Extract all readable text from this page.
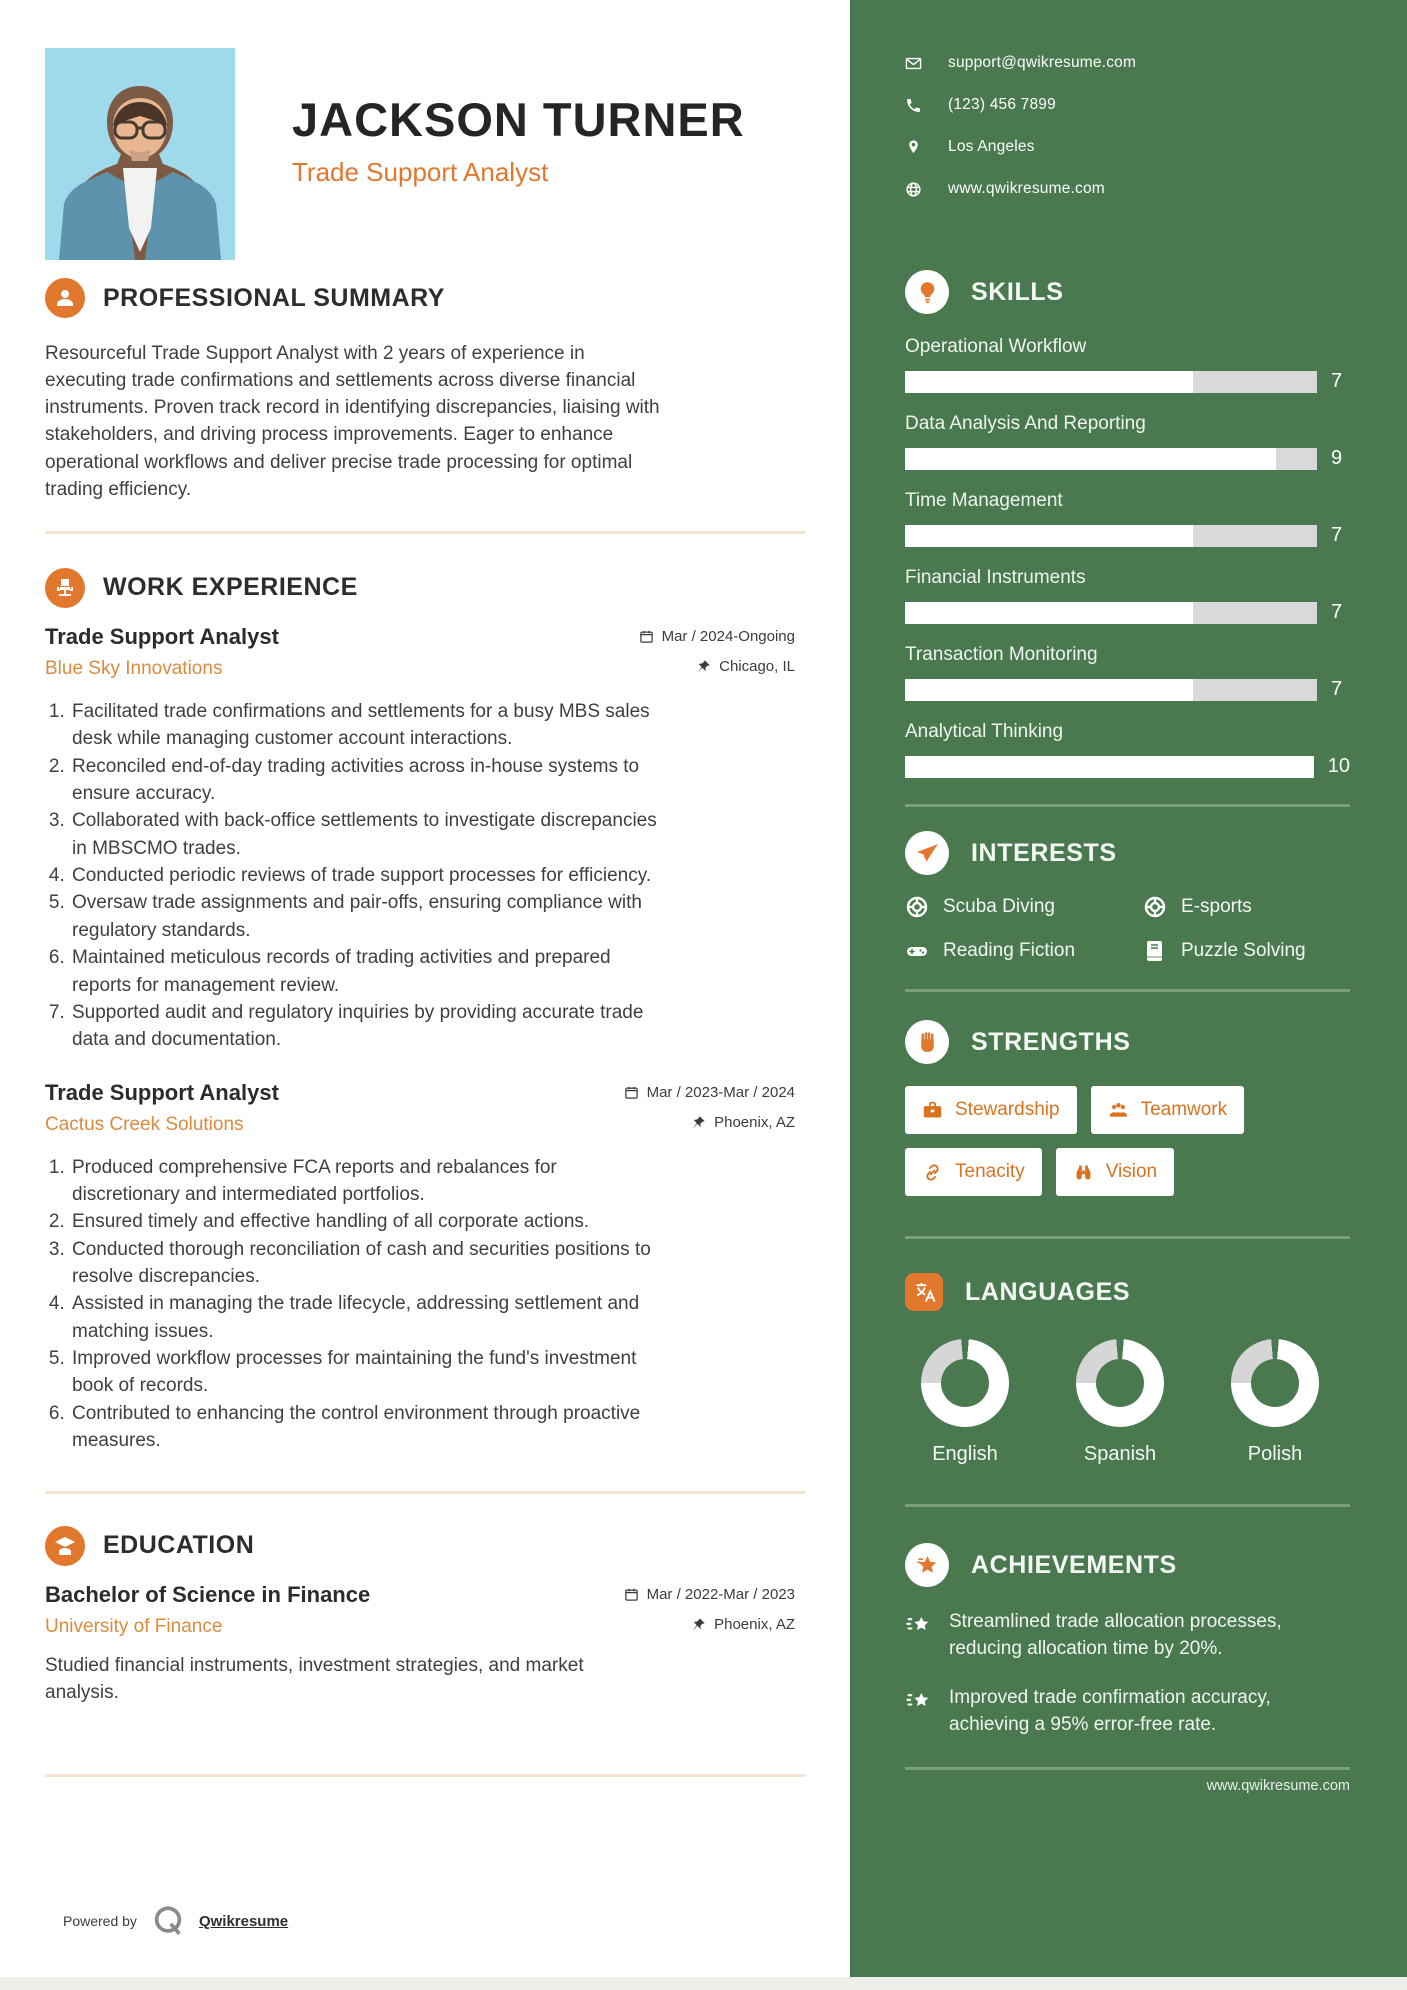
JACKSON TURNER
Trade Support Analyst
PROFESSIONAL SUMMARY

Resourceful Trade Support Analyst with 2 years of experience in executing trade confirmations and settlements across diverse financial instruments. Proven track record in identifying discrepancies, liaising with stakeholders, and driving process improvements. Eager to enhance operational workflows and deliver precise trade processing for optimal trading efficiency.

WORK EXPERIENCE
Trade Support Analyst	Mar / 2024-Ongoing
Blue Sky Innovations	Chicago, IL
1. Facilitated trade confirmations and settlements for a busy MBS sales desk while managing customer account interactions.
2. Reconciled end-of-day trading activities across in-house systems to ensure accuracy.
3. Collaborated with back-office settlements to investigate discrepancies in MBSCMO trades.
4. Conducted periodic reviews of trade support processes for efficiency.
5. Oversaw trade assignments and pair-offs, ensuring compliance with regulatory standards.
6. Maintained meticulous records of trading activities and prepared reports for management review.
7. Supported audit and regulatory inquiries by providing accurate trade data and documentation.
Trade Support Analyst	Mar / 2023-Mar / 2024
Cactus Creek Solutions	Phoenix, AZ
1. Produced comprehensive FCA reports and rebalances for discretionary and intermediated portfolios.
2. Ensured timely and effective handling of all corporate actions.
3. Conducted thorough reconciliation of cash and securities positions to resolve discrepancies.
4. Assisted in managing the trade lifecycle, addressing settlement and matching issues.
5. Improved workflow processes for maintaining the fund's investment book of records.
6. Contributed to enhancing the control environment through proactive measures.
EDUCATION
Bachelor of Science in Finance	Mar / 2022-Mar / 2023
University of Finance	Phoenix, AZ

Studied financial instruments, investment strategies, and market analysis.

Powered by	Qwikresume
support@qwikresume.com
(123) 456 7899
Los Angeles
www.qwikresume.com
SKILLS
Operational Workflow
7
Data Analysis And Reporting
9
Time Management
7
Financial Instruments
7
Transaction Monitoring
7
Analytical Thinking
10
INTERESTS
Scuba Diving	E-sports
Reading Fiction	Puzzle Solving
STRENGTHS
Stewardship	Teamwork
Tenacity	Vision
LANGUAGES
English	Spanish	Polish
ACHIEVEMENTS
Streamlined trade allocation processes, reducing allocation time by 20%.
Improved trade confirmation accuracy, achieving a 95% error-free rate.
www.qwikresume.com
